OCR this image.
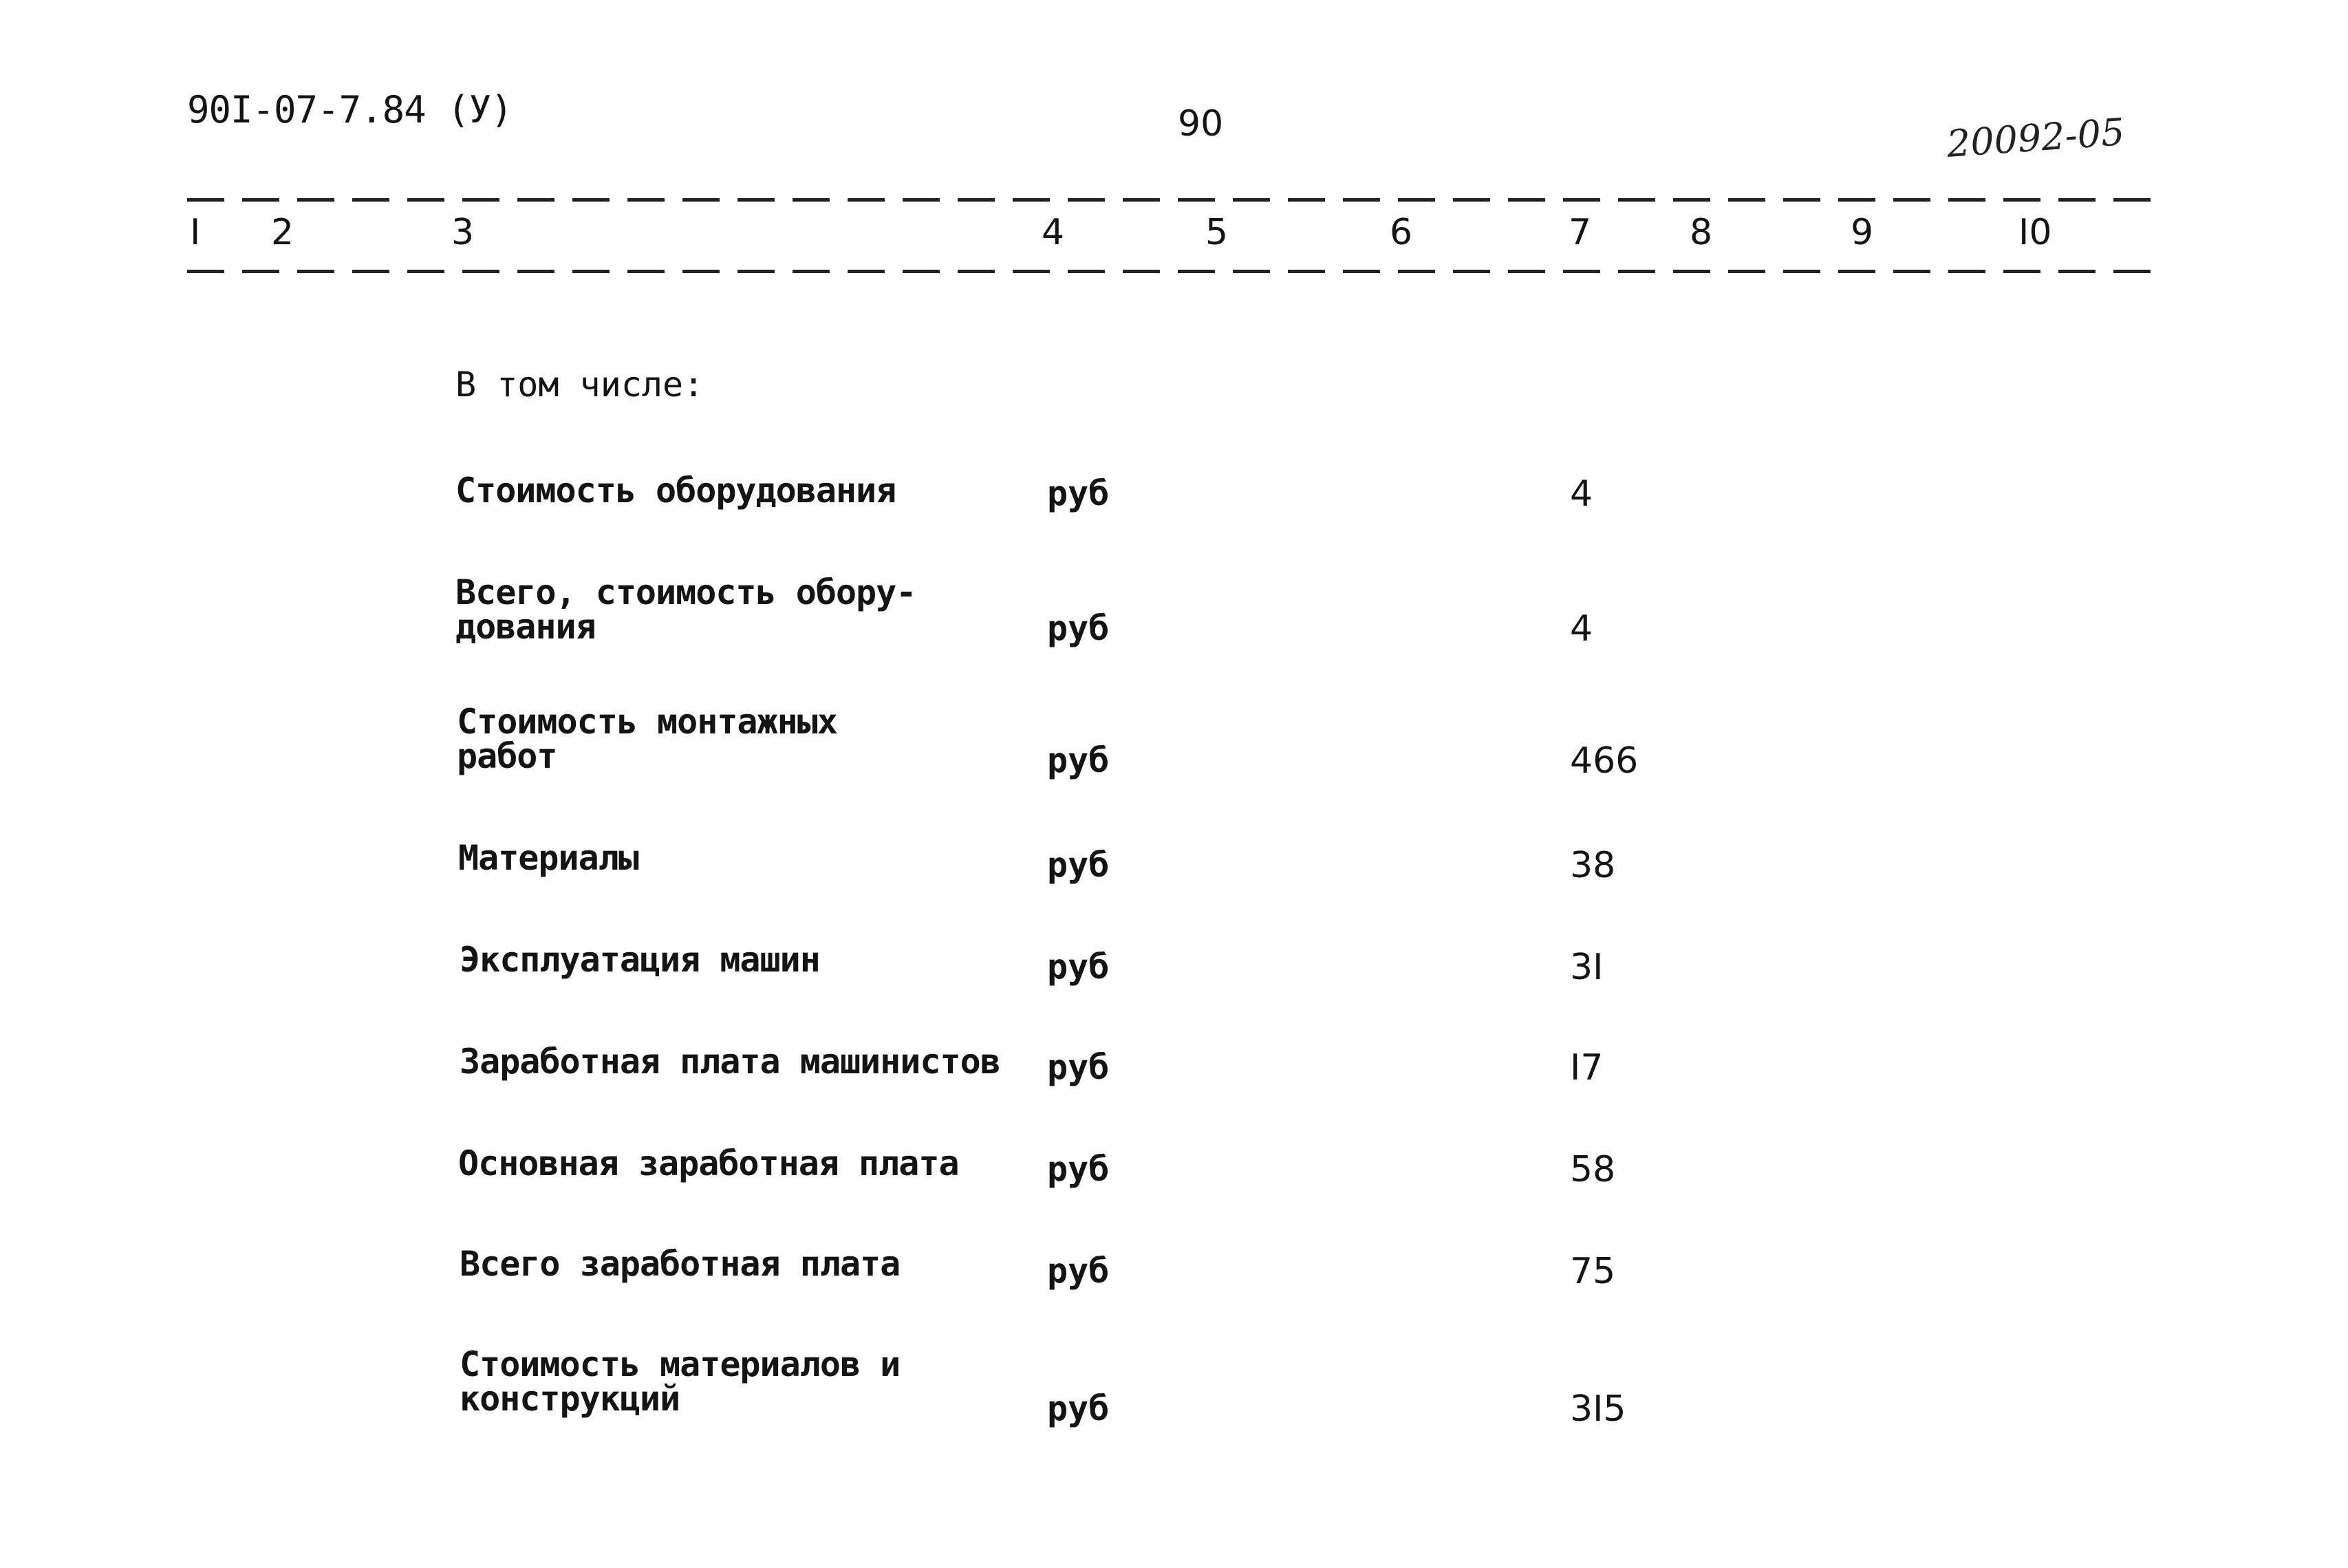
90I-07-7.84 (У)	90	20092-05
I 2	3	4	5	6	7	8	9	I0
В том числе:
Стоимость оборудования	руб	4
Всего, стоимость обору-
дования	руб	4
Стоимость монтажных
работ	руб	466
Материалы	руб	38
Эксплуатация машин	руб	3I
Заработная плата машинистов руб	I7
Основная заработная плата	руб	58
Всего заработная плата	руб	75
Стоимость материалов и
конструкций	руб	3I5
